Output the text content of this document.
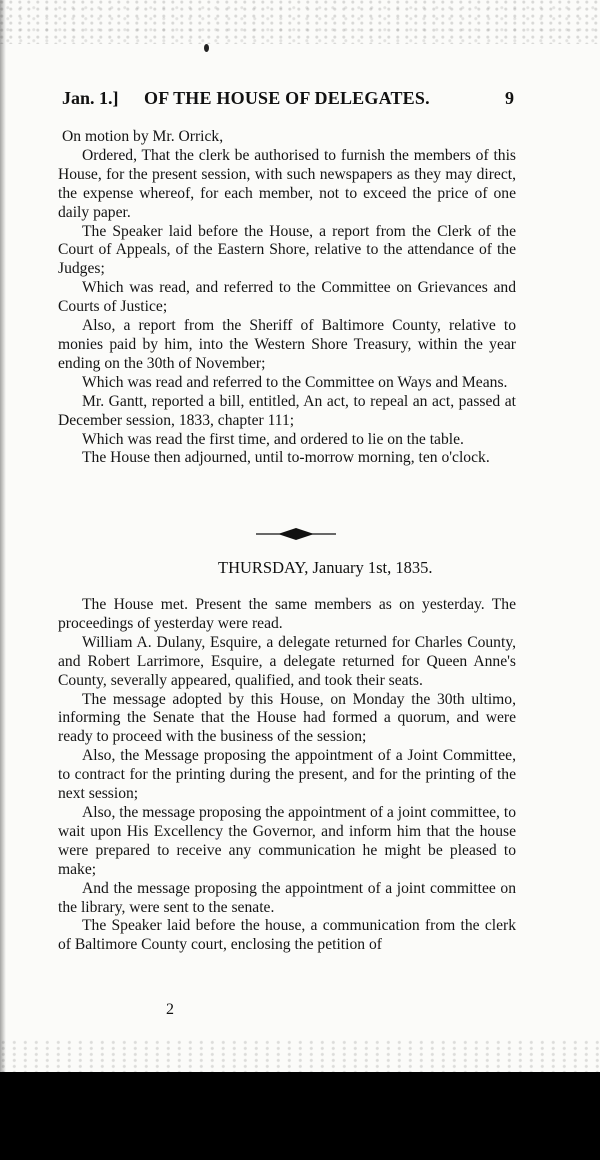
Jan. 1.] OF THE HOUSE OF DELEGATES.	9

On motion by Mr. Orrick,

Ordered, That the clerk be authorised to furnish the members of this House, for the present session, with such newspapers as they may direct, the expense whereof, for each member, not to exceed the price of one daily paper.

The Speaker laid before the House, a report from the Clerk of the Court of Appeals, of the Eastern Shore, relative to the attendance of the Judges;

Which was read, and referred to the Committee on Grievances and Courts of Justice;

Also, a report from the Sheriff of Baltimore County, relative to monies paid by him, into the Western Shore Treasury, within the year ending on the 30th of November;

Which was read and referred to the Committee on Ways and Means.

Mr. Gantt, reported a bill, entitled, An act, to repeal an act, passed at December session, 1833, chapter 111;

Which was read the first time, and ordered to lie on the table.

The House then adjourned, until to-morrow morning, ten o'clock.

THURSDAY, January 1st, 1835.

The House met. Present the same members as on yesterday. The proceedings of yesterday were read.

William A. Dulany, Esquire, a delegate returned for Charles County, and Robert Larrimore, Esquire, a delegate returned for Queen Anne's County, severally appeared, qualified, and took their seats.

The message adopted by this House, on Monday the 30th ultimo, informing the Senate that the House had formed a quorum, and were ready to proceed with the business of the session;

Also, the Message proposing the appointment of a Joint Committee, to contract for the printing during the present, and for the printing of the next session;

Also, the message proposing the appointment of a joint committee, to wait upon His Excellency the Governor, and inform him that the house were prepared to receive any communication he might be pleased to make;

And the message proposing the appointment of a joint committee on the library, were sent to the senate.

The Speaker laid before the house, a communication from the clerk of Baltimore County court, enclosing the petition of

2
